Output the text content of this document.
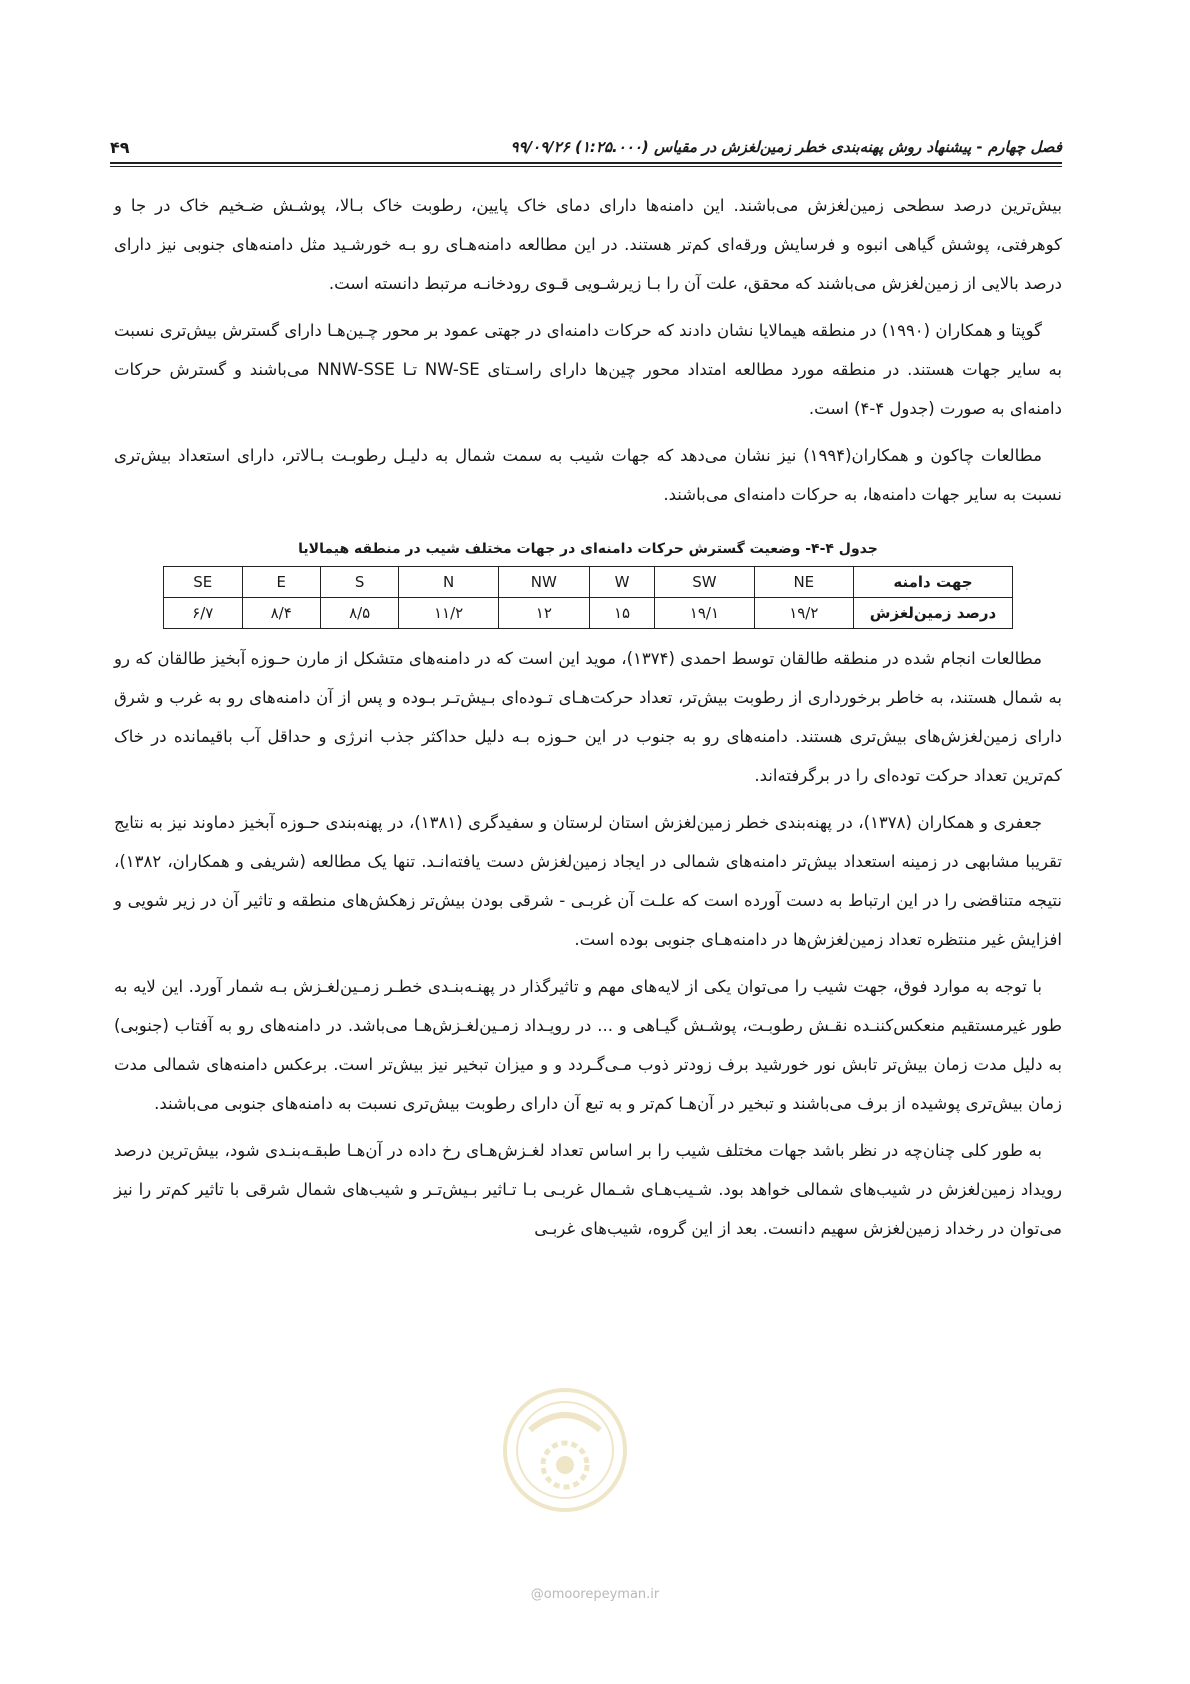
فصل چهارم - پیشنهاد روش پهنه‌بندی خطر زمین‌لغزش در مقیاس (۱:۲۵.۰۰۰) ۹۹/۰۹/۲۶
۴۹

بیش‌ترین درصد سطحی زمین‌لغزش می‌باشند. این دامنه‌ها دارای دمای خاک پایین، رطوبت خاک بـالا، پوشـش ضـخیم خاک در جا و کوهرفتی، پوشش گیاهی انبوه و فرسایش ورقه‌ای کم‌تر هستند. در این مطالعه دامنه‌هـای رو بـه خورشـید مثل دامنه‌های جنوبی نیز دارای درصد بالایی از زمین‌لغزش می‌باشند که محقق، علت آن را بـا زیرشـویی قـوی رودخانـه مرتبط دانسته است.

گوپتا و همکاران (۱۹۹۰) در منطقه هیمالایا نشان دادند که حرکات دامنه‌ای در جهتی عمود بر محور چـین‌هـا دارای گسترش بیش‌تری نسبت به سایر جهات هستند. در منطقه مورد مطالعه امتداد محور چین‌ها دارای راسـتای NW-SE تـا NNW-SSE می‌باشند و گسترش حرکات دامنه‌ای به صورت (جدول ۴-۴) است.

مطالعات چاکون و همکاران(۱۹۹۴) نیز نشان می‌دهد که جهات شیب به سمت شمال به دلیـل رطوبـت بـالاتر، دارای استعداد بیش‌تری نسبت به سایر جهات دامنه‌ها، به حرکات دامنه‌ای می‌باشند.

جدول ۴-۴- وضعیت گسترش حرکات دامنه‌ای در جهات مختلف شیب در منطقه هیمالایا
جهت دامنه	NE	SW	W	NW	N	S	E	SE
درصد زمین‌لغزش	۱۹/۲	۱۹/۱	۱۵	۱۲	۱۱/۲	۸/۵	۸/۴	۶/۷

مطالعات انجام شده در منطقه طالقان توسط احمدی (۱۳۷۴)، موید این است که در دامنه‌های متشکل از مارن حـوزه آبخیز طالقان که رو به شمال هستند، به خاطر برخورداری از رطوبت بیش‌تر، تعداد حرکت‌هـای تـوده‌ای بـیش‌تـر بـوده و پس از آن دامنه‌های رو به غرب و شرق دارای زمین‌لغزش‌های بیش‌تری هستند. دامنه‌های رو به جنوب در این حـوزه بـه دلیل حداکثر جذب انرژی و حداقل آب باقیمانده در خاک کم‌ترین تعداد حرکت توده‌ای را در برگرفته‌اند.

جعفری و همکاران (۱۳۷۸)، در پهنه‌بندی خطر زمین‌لغزش استان لرستان و سفیدگری (۱۳۸۱)، در پهنه‌بندی حـوزه آبخیز دماوند نیز به نتایج تقریبا مشابهی در زمینه استعداد بیش‌تر دامنه‌های شمالی در ایجاد زمین‌لغزش دست یافته‌انـد. تنها یک مطالعه (شریفی و همکاران، ۱۳۸۲)، نتیجه متناقضی را در این ارتباط به دست آورده است که علـت آن غربـی - شرقی بودن بیش‌تر زهکش‌های منطقه و تاثیر آن در زیر شویی و افزایش غیر منتظره تعداد زمین‌لغزش‌ها در دامنه‌هـای جنوبی بوده است.

با توجه به موارد فوق، جهت شیب را می‌توان یکی از لایه‌های مهم و تاثیرگذار در پهنـه‌بنـدی خطـر زمـین‌لغـزش بـه شمار آورد. این لایه به طور غیرمستقیم منعکس‌کننـده نقـش رطوبـت، پوشـش گیـاهی و ... در رویـداد زمـین‌لغـزش‌هـا می‌باشد. در دامنه‌های رو به آفتاب (جنوبی) به دلیل مدت زمان بیش‌تر تابش نور خورشید برف زودتر ذوب مـی‌گـردد و و میزان تبخیر نیز بیش‌تر است. برعکس دامنه‌های شمالی مدت زمان بیش‌تری پوشیده از برف می‌باشند و تبخیر در آن‌هـا کم‌تر و به تبع آن دارای رطوبت بیش‌تری نسبت به دامنه‌های جنوبی می‌باشند.

به طور کلی چنان‌چه در نظر باشد جهات مختلف شیب را بر اساس تعداد لغـزش‌هـای رخ داده در آن‌هـا طبقـه‌بنـدی شود، بیش‌ترین درصد رویداد زمین‌لغزش در شیب‌های شمالی خواهد بود. شـیب‌هـای شـمال غربـی بـا تـاثیر بـیش‌تـر و شیب‌های شمال شرقی با تاثیر کم‌تر را نیز می‌توان در رخداد زمین‌لغزش سهیم دانست. بعد از این گروه، شیب‌های غربـی

@omoorepeyman.ir
